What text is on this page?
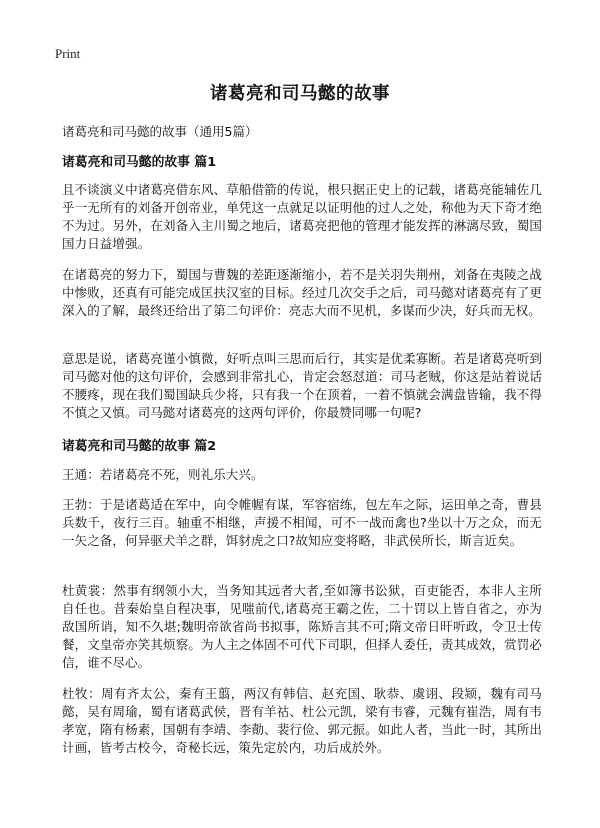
Print
诸葛亮和司马懿的故事
诸葛亮和司马懿的故事（通用5篇）
诸葛亮和司马懿的故事 篇1
且不谈演义中诸葛亮借东风、草船借箭的传说，根只据正史上的记载，诸葛亮能辅佐几乎一无所有的刘备开创帝业，单凭这一点就足以证明他的过人之处，称他为天下奇才绝不为过。另外，在刘备入主川蜀之地后，诸葛亮把他的管理才能发挥的淋漓尽致，蜀国国力日益增强。
在诸葛亮的努力下，蜀国与曹魏的差距逐渐缩小，若不是关羽失荆州，刘备在夷陵之战中惨败，还真有可能完成匡扶汉室的目标。经过几次交手之后，司马懿对诸葛亮有了更深入的了解，最终还给出了第二句评价：亮志大而不见机，多谋而少决，好兵而无权。
意思是说，诸葛亮谨小慎微，好听点叫三思而后行，其实是优柔寡断。若是诸葛亮听到司马懿对他的这句评价，会感到非常扎心，肯定会怒怼道：司马老贼，你这是站着说话不腰疼，现在我们蜀国缺兵少将，只有我一个在顶着，一着不慎就会满盘皆输，我不得不慎之又慎。司马懿对诸葛亮的这两句评价，你最赞同哪一句呢?
诸葛亮和司马懿的故事 篇2
王通：若诸葛亮不死，则礼乐大兴。
王勃：于是诸葛适在军中，向令帷幄有谋，军容宿练，包左车之际，运田单之奇，曹县兵数千，夜行三百。轴重不相继，声援不相闻，可不一战而禽也?坐以十万之众，而无一矢之备，何异驱犬羊之群，饵豺虎之口?故知应变将略，非武侯所长，斯言近矣。
杜黄裳：然事有纲领小大，当务知其远者大者,至如簿书讼狱，百吏能否，本非人主所自任也。昔秦始皇自程决事，见嗤前代,诸葛亮王霸之佐，二十罚以上皆自省之，亦为敌国所诮，知不久堪;魏明帝欲省尚书拟事，陈矫言其不可;隋文帝日旰听政，令卫士传餐，文皇帝亦笑其烦察。为人主之体固不可代下司职，但择人委任，责其成效，赏罚必信，谁不尽心。
杜牧：周有齐太公，秦有王翦，两汉有韩信、赵充国、耿恭、虞诩、段颎，魏有司马懿，吴有周瑜，蜀有诸葛武侯，晋有羊祜、杜公元凯，梁有韦睿，元魏有崔浩，周有韦孝宽，隋有杨素，国朝有李靖、李勣、裴行俭、郭元振。如此人者，当此一时，其所出计画，皆考古校今，奇秘长远，策先定於内，功后成於外。
